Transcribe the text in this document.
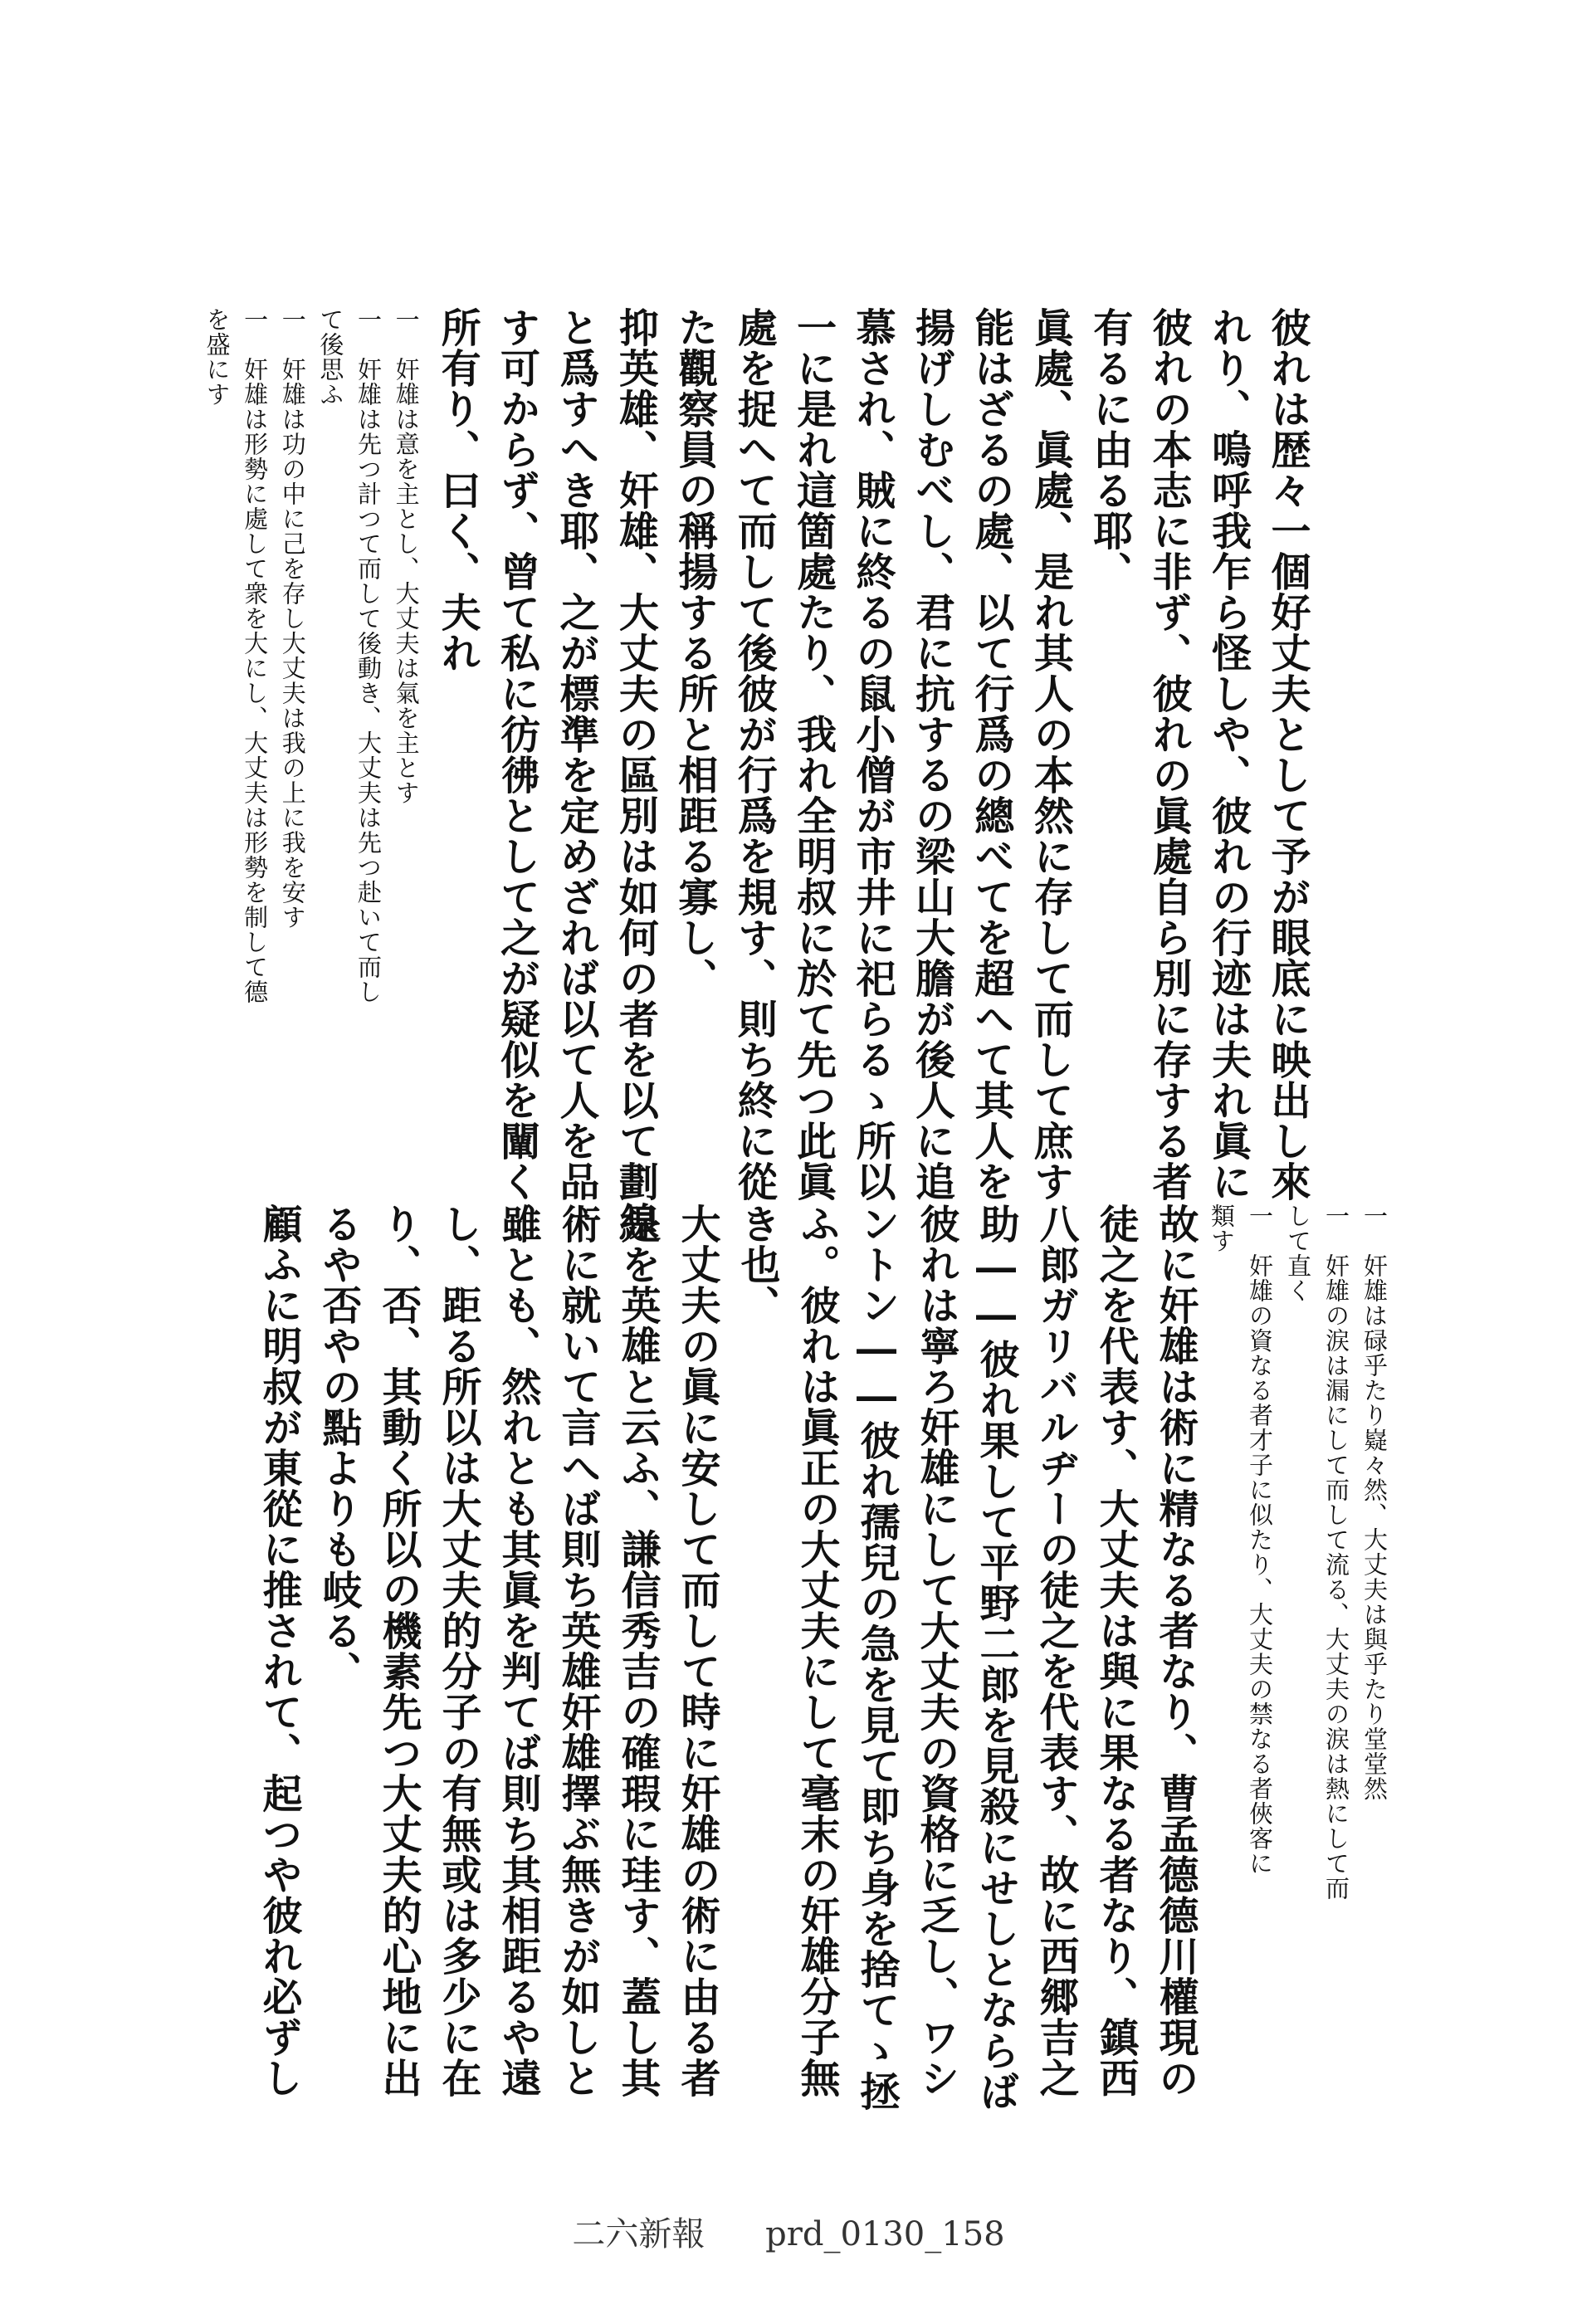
彼れは歴々一個好丈夫として予が眼底に映出し來
れり、嗚呼我乍ら怪しや、彼れの行迹は夫れ眞に
彼れの本志に非ず、彼れの眞處自ら別に存する者
有るに由る耶、
眞處、眞處、是れ其人の本然に存して而して庶す
能はざるの處、以て行爲の總べてを超へて其人を
揚げしむべし、君に抗するの梁山大膽が後人に追
慕され、賊に終るの鼠小僧が市井に祀らるゝ所以
一に是れ這箇處たり、我れ全明叔に於て先つ此眞
處を捉へて而して後彼が行爲を規す、則ち終に從
た觀察員の稱揚する所と相距る寡し、
抑英雄、奸雄、大丈夫の區別は如何の者を以て劃線
と爲すへき耶、之が標準を定めざれば以て人を品
す可からず、曾て私に彷彿として之が疑似を闡く
所有り、曰く、夫れ
一　奸雄は意を主とし、大丈夫は氣を主とす
一　奸雄は先つ計つて而して後動き、大丈夫は先つ赴いて而し
て後思ふ
一　奸雄は功の中に己を存し大丈夫は我の上に我を安す
一　奸雄は形勢に處して衆を大にし、大丈夫は形勢を制して德
を盛にす
一　奸雄は碌乎たり嶷々然、大丈夫は與乎たり堂堂然
一　奸雄の涙は漏にして而して流る、大丈夫の涙は熱にして而
して直く
一　奸雄の資なる者才子に似たり、大丈夫の禁なる者俠客に
類す
故に奸雄は術に精なる者なり、曹孟德德川權現の
徒之を代表す、大丈夫は與に果なる者なり、鎮西
八郎ガリバルヂーの徒之を代表す、故に西郷吉之
助――彼れ果して平野二郎を見殺にせしとならば
彼れは寧ろ奸雄にして大丈夫の資格に乏し、ワシ
ントン――彼れ孺兒の急を見て即ち身を捨てゝ拯
ふ。彼れは眞正の大丈夫にして毫末の奸雄分子無
き也、
大丈夫の眞に安して而して時に奸雄の術に由る者
是を英雄と云ふ、謙信秀吉の確瑕に珪す、蓋し其
術に就いて言へば則ち英雄奸雄擇ぶ無きが如しと
雖とも、然れとも其眞を判てば則ち其相距るや遠
し、距る所以は大丈夫的分子の有無或は多少に在
り、否、其動く所以の機素先つ大丈夫的心地に出
るや否やの點よりも岐る、
顧ふに明叔が東從に推されて、起つや彼れ必ずし
二六新報 prd_0130_158
